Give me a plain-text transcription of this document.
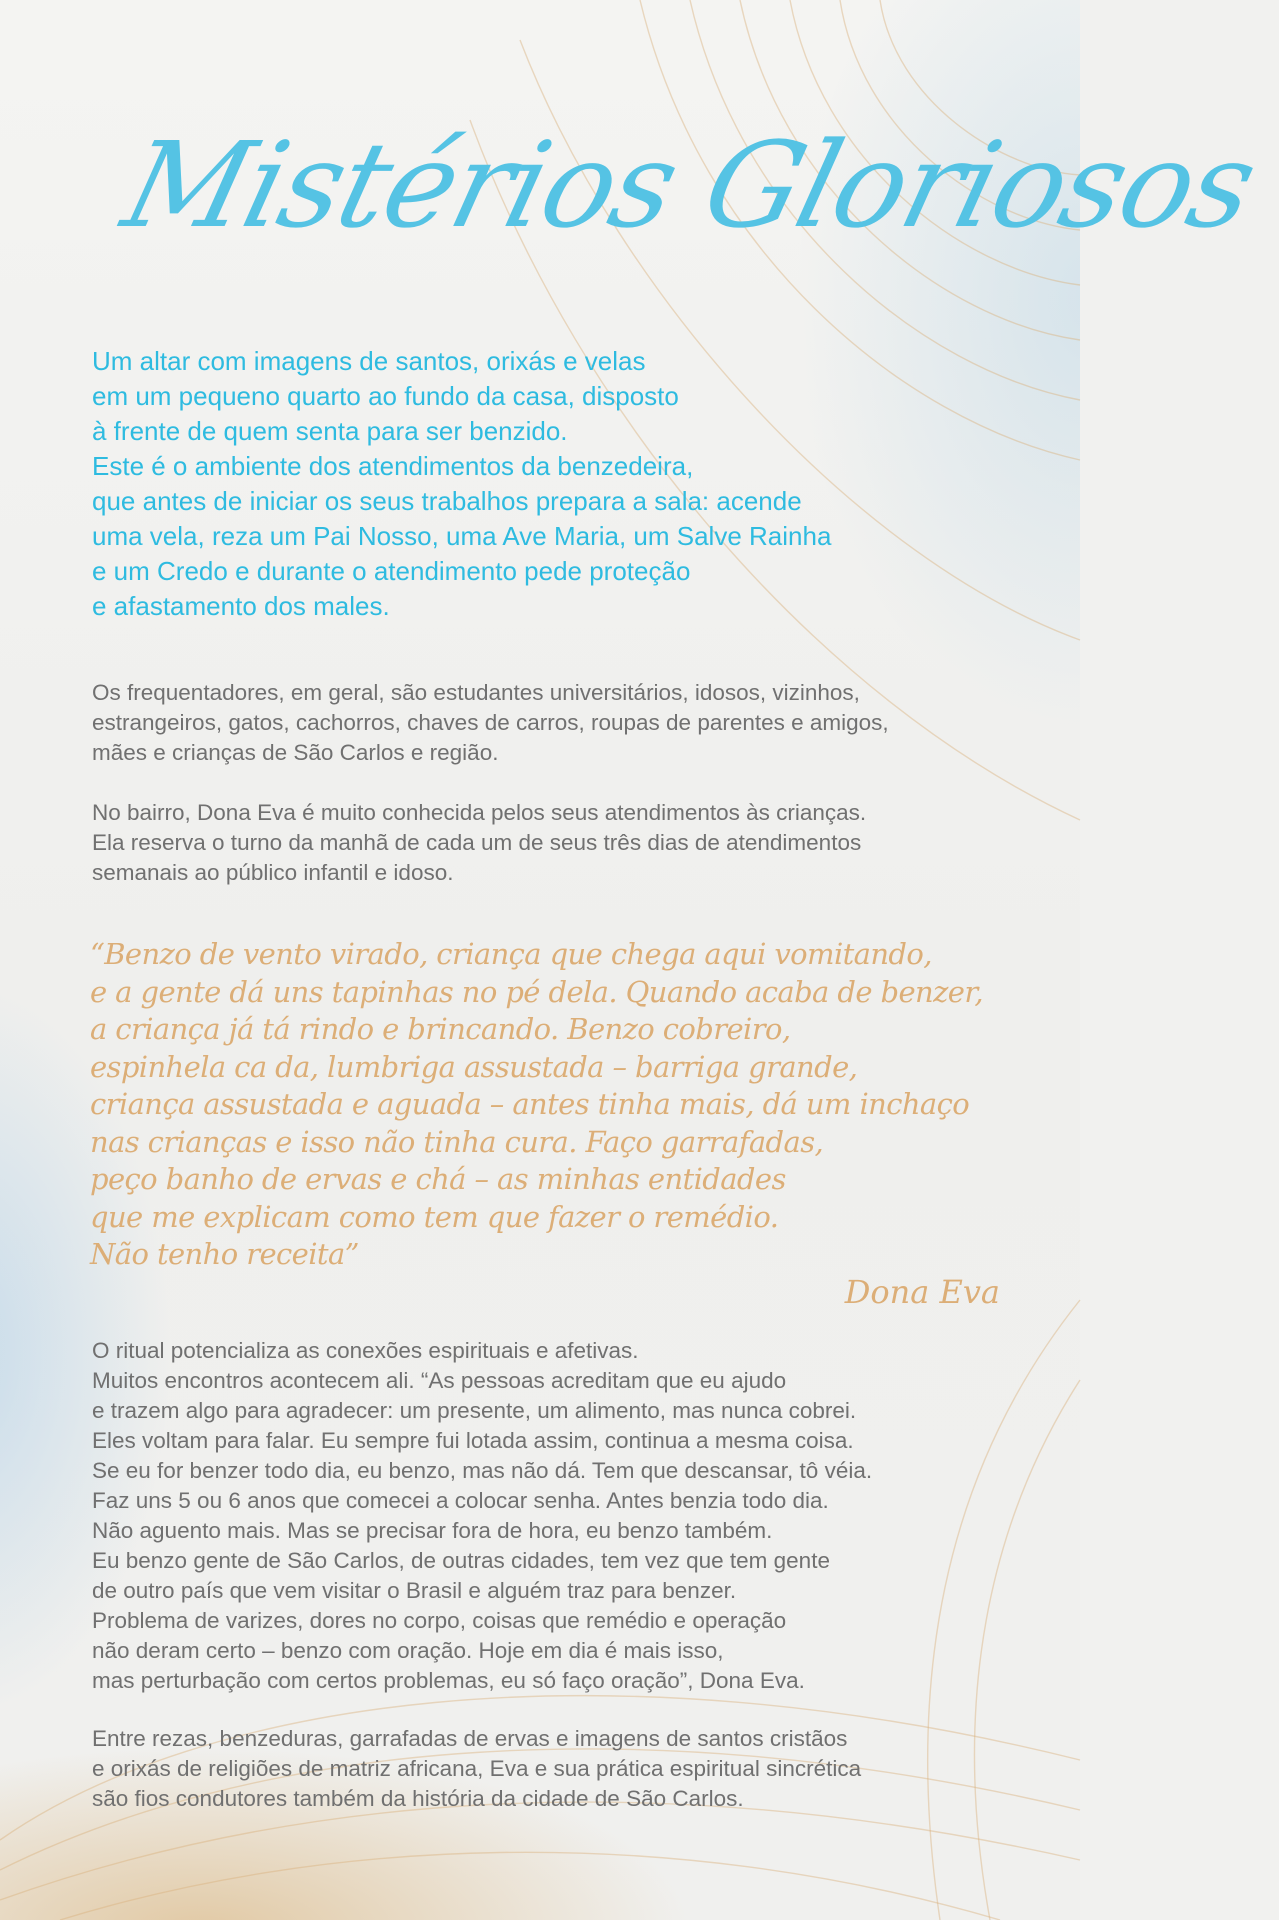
Mistérios Gloriosos

Um altar com imagens de santos, orixás e velas
em um pequeno quarto ao fundo da casa, disposto
à frente de quem senta para ser benzido.
Este é o ambiente dos atendimentos da benzedeira,
que antes de iniciar os seus trabalhos prepara a sala: acende
uma vela, reza um Pai Nosso, uma Ave Maria, um Salve Rainha
e um Credo e durante o atendimento pede proteção
e afastamento dos males.

Os frequentadores, em geral, são estudantes universitários, idosos, vizinhos,
estrangeiros, gatos, cachorros, chaves de carros, roupas de parentes e amigos,
mães e crianças de São Carlos e região.

No bairro, Dona Eva é muito conhecida pelos seus atendimentos às crianças.
Ela reserva o turno da manhã de cada um de seus três dias de atendimentos
semanais ao público infantil e idoso.

“Benzo de vento virado, criança que chega aqui vomitando,
e a gente dá uns tapinhas no pé dela. Quando acaba de benzer,
a criança já tá rindo e brincando. Benzo cobreiro,
espinhela ca da, lumbriga assustada – barriga grande,
criança assustada e aguada – antes tinha mais, dá um inchaço
nas crianças e isso não tinha cura. Faço garrafadas,
peço banho de ervas e chá – as minhas entidades
que me explicam como tem que fazer o remédio.
Não tenho receita”

Dona Eva

O ritual potencializa as conexões espirituais e afetivas.
Muitos encontros acontecem ali. “As pessoas acreditam que eu ajudo
e trazem algo para agradecer: um presente, um alimento, mas nunca cobrei.
Eles voltam para falar. Eu sempre fui lotada assim, continua a mesma coisa.
Se eu for benzer todo dia, eu benzo, mas não dá. Tem que descansar, tô véia.
Faz uns 5 ou 6 anos que comecei a colocar senha. Antes benzia todo dia.
Não aguento mais. Mas se precisar fora de hora, eu benzo também.
Eu benzo gente de São Carlos, de outras cidades, tem vez que tem gente
de outro país que vem visitar o Brasil e alguém traz para benzer.
Problema de varizes, dores no corpo, coisas que remédio e operação
não deram certo – benzo com oração. Hoje em dia é mais isso,
mas perturbação com certos problemas, eu só faço oração”, Dona Eva.

Entre rezas, benzeduras, garrafadas de ervas e imagens de santos cristãos
e orixás de religiões de matriz africana, Eva e sua prática espiritual sincrética
são fios condutores também da história da cidade de São Carlos.
